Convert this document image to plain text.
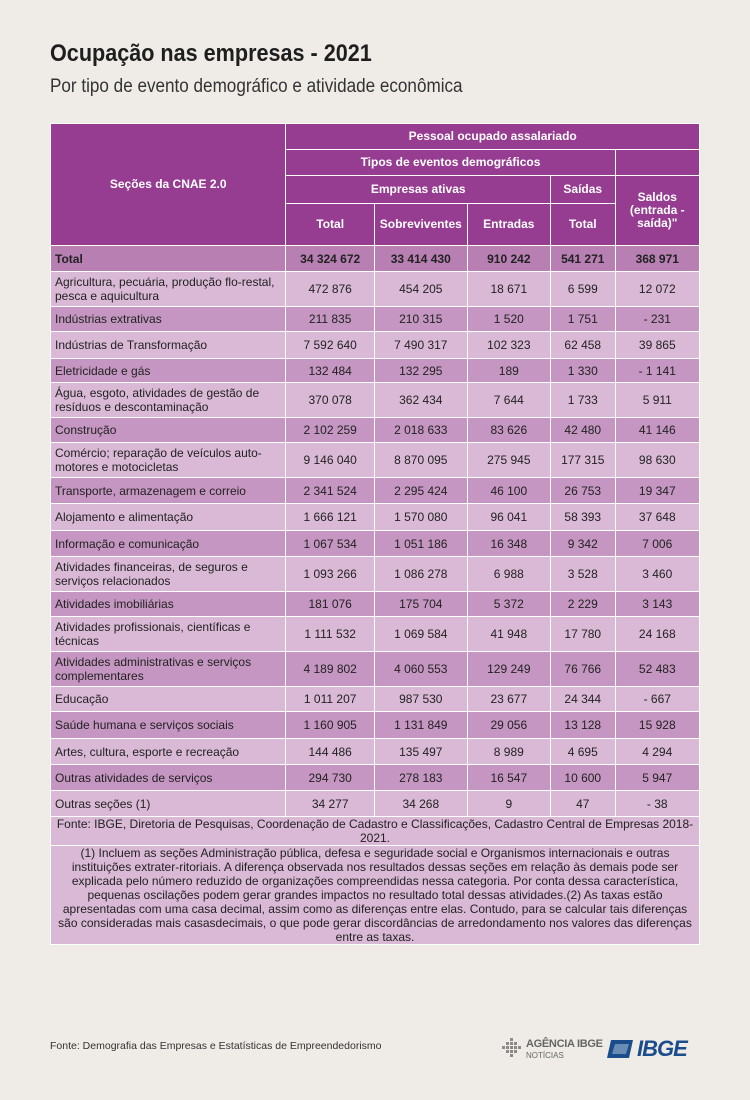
Ocupação nas empresas - 2021
Por tipo de evento demográfico e atividade econômica
Seções da CNAE 2.0	Pessoal ocupado assalariado				
	Tipos de eventos demográficos				
	Empresas ativas			Saídas	Saldos (entrada - saída)"
	Total	Sobreviventes	Entradas	Total	
Total	34 324 672	33 414 430	910 242	541 271	368 971
Agricultura, pecuária, produção flo-restal, pesca e aquicultura	472 876	454 205	18 671	6 599	12 072
Indústrias extrativas	211 835	210 315	1 520	1 751	- 231
Indústrias de Transformação	7 592 640	7 490 317	102 323	62 458	39 865
Eletricidade e gás	132 484	132 295	189	1 330	- 1 141
Água, esgoto, atividades de gestão de resíduos e descontaminação	370 078	362 434	7 644	1 733	5 911
Construção	2 102 259	2 018 633	83 626	42 480	41 146
Comércio; reparação de veículos auto-motores e motocicletas	9 146 040	8 870 095	275 945	177 315	98 630
Transporte, armazenagem e correio	2 341 524	2 295 424	46 100	26 753	19 347
Alojamento e alimentação	1 666 121	1 570 080	96 041	58 393	37 648
Informação e comunicação	1 067 534	1 051 186	16 348	9 342	7 006
Atividades financeiras, de seguros e serviços relacionados	1 093 266	1 086 278	6 988	3 528	3 460
Atividades imobiliárias	181 076	175 704	5 372	2 229	3 143
Atividades profissionais, científicas e técnicas	1 111 532	1 069 584	41 948	17 780	24 168
Atividades administrativas e serviços complementares	4 189 802	4 060 553	129 249	76 766	52 483
Educação	1 011 207	987 530	23 677	24 344	- 667
Saúde humana e serviços sociais	1 160 905	1 131 849	29 056	13 128	15 928
Artes, cultura, esporte e recreação	144 486	135 497	8 989	4 695	4 294
Outras atividades de serviços	294 730	278 183	16 547	10 600	5 947
Outras seções (1)	34 277	34 268	9	47	- 38
Fonte: IBGE, Diretoria de Pesquisas, Coordenação de Cadastro e Classificações, Cadastro Central de Empresas 2018-2021.					
(1) Incluem as seções Administração pública, defesa e seguridade social e Organismos internacionais e outras instituições extrater-ritoriais. A diferença observada nos resultados dessas seções em relação às demais pode ser explicada pelo número reduzido de organizações compreendidas nessa categoria. Por conta dessa característica, pequenas oscilações podem gerar grandes impactos no resultado total dessas atividades.(2) As taxas estão apresentadas com uma casa decimal, assim como as diferenças entre elas. Contudo, para se calcular tais diferenças são consideradas mais casasdecimais, o que pode gerar discordâncias de arredondamento nos valores das diferenças entre as taxas.					
Fonte: Demografia das Empresas e Estatísticas de Empreendedorismo	AGÊNCIA IBGE
NOTÍCIAS	IBGE
